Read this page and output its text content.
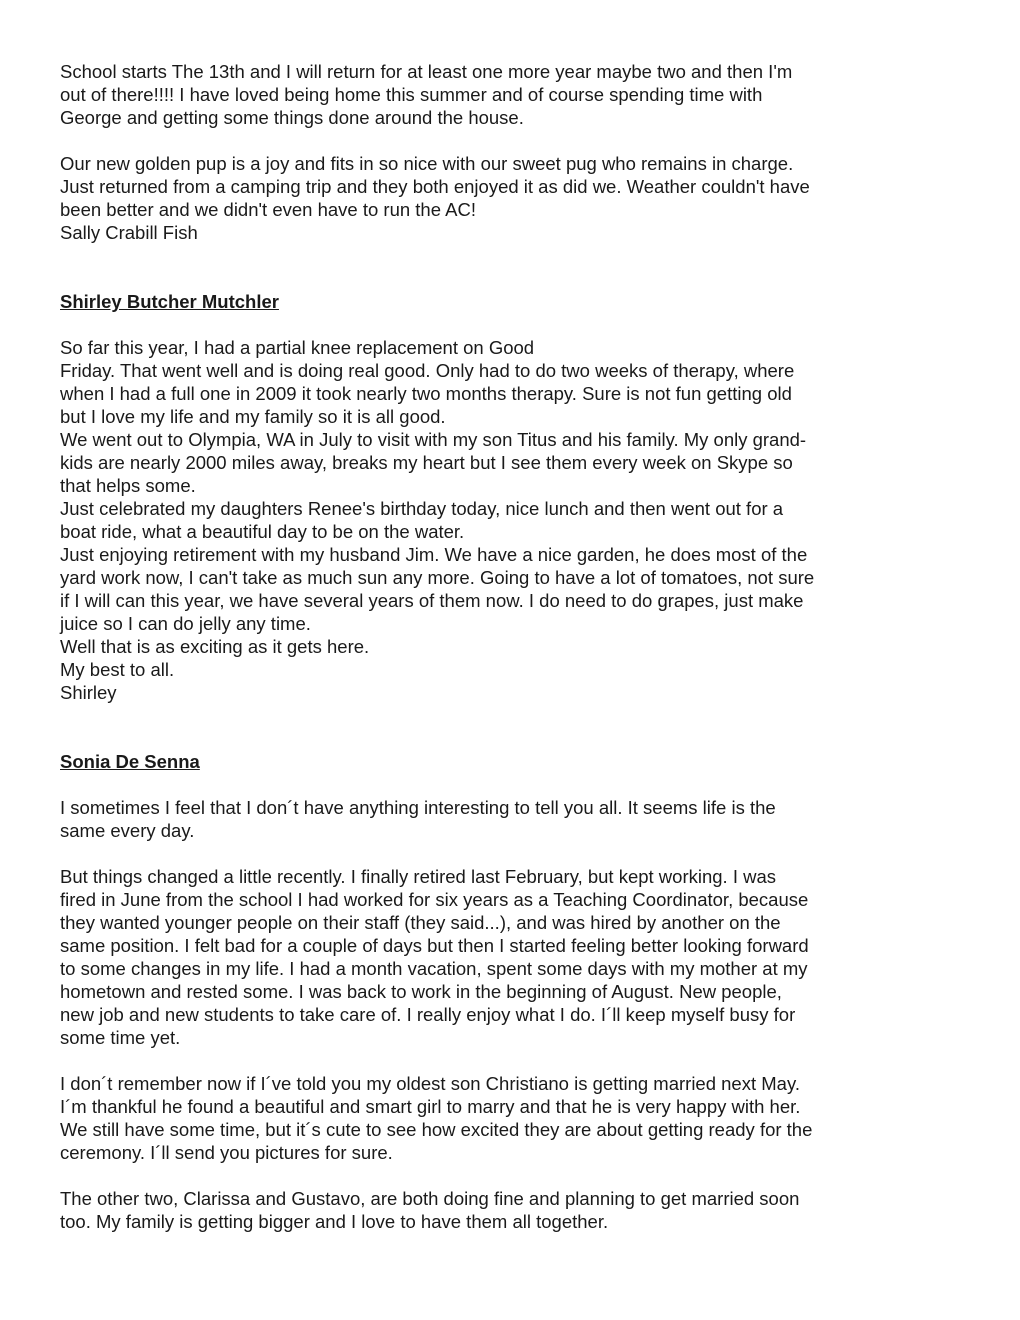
School starts The 13th and I will return for at least one more year maybe two and then I'm
out of there!!!! I have loved being home this summer and of course spending time with
George and getting some things done around the house.
Our new golden pup is a joy and fits in so nice with our sweet pug who remains in charge.
Just returned from a camping trip and they both enjoyed it as did we. Weather couldn't have
been better and we didn't even have to run the AC!
Sally Crabill Fish
Shirley Butcher Mutchler
So far this year, I had a partial knee replacement on Good
Friday. That went well and is doing real good. Only had to do two weeks of therapy, where
when I had a full one in 2009 it took nearly two months therapy. Sure is not fun getting old
but I love my life and my family so it is all good.
We went out to Olympia, WA in July to visit with my son Titus and his family. My only grand-
kids are nearly 2000 miles away, breaks my heart but I see them every week on Skype so
that helps some.
Just celebrated my daughters Renee's birthday today, nice lunch and then went out for a
boat ride, what a beautiful day to be on the water.
Just enjoying retirement with my husband Jim. We have a nice garden, he does most of the
yard work now, I can't take as much sun any more. Going to have a lot of tomatoes, not sure
if I will can this year, we have several years of them now. I do need to do grapes, just make
juice so I can do jelly any time.
Well that is as exciting as it gets here.
My best to all.
Shirley
Sonia De Senna
I sometimes I feel that I don´t have anything interesting to tell you all. It seems life is the
same every day.
But things changed a little recently. I finally retired last February, but kept working. I was
fired in June from the school I had worked for six years as a Teaching Coordinator, because
they wanted younger people on their staff (they said...), and was hired by another on the
same position. I felt bad for a couple of days but then I started feeling better looking forward
to some changes in my life. I had a month vacation, spent some days with my mother at my
hometown and rested some. I was back to work in the beginning of August. New people,
new job and new students to take care of. I really enjoy what I do. I´ll keep myself busy for
some time yet.
I don´t remember now if I´ve told you my oldest son Christiano is getting married next May.
I´m thankful he found a beautiful and smart girl to marry and that he is very happy with her.
We still have some time, but it´s cute to see how excited they are about getting ready for the
ceremony. I´ll send you pictures for sure.
The other two, Clarissa and Gustavo, are both doing fine and planning to get married soon
too. My family is getting bigger and I love to have them all together.
